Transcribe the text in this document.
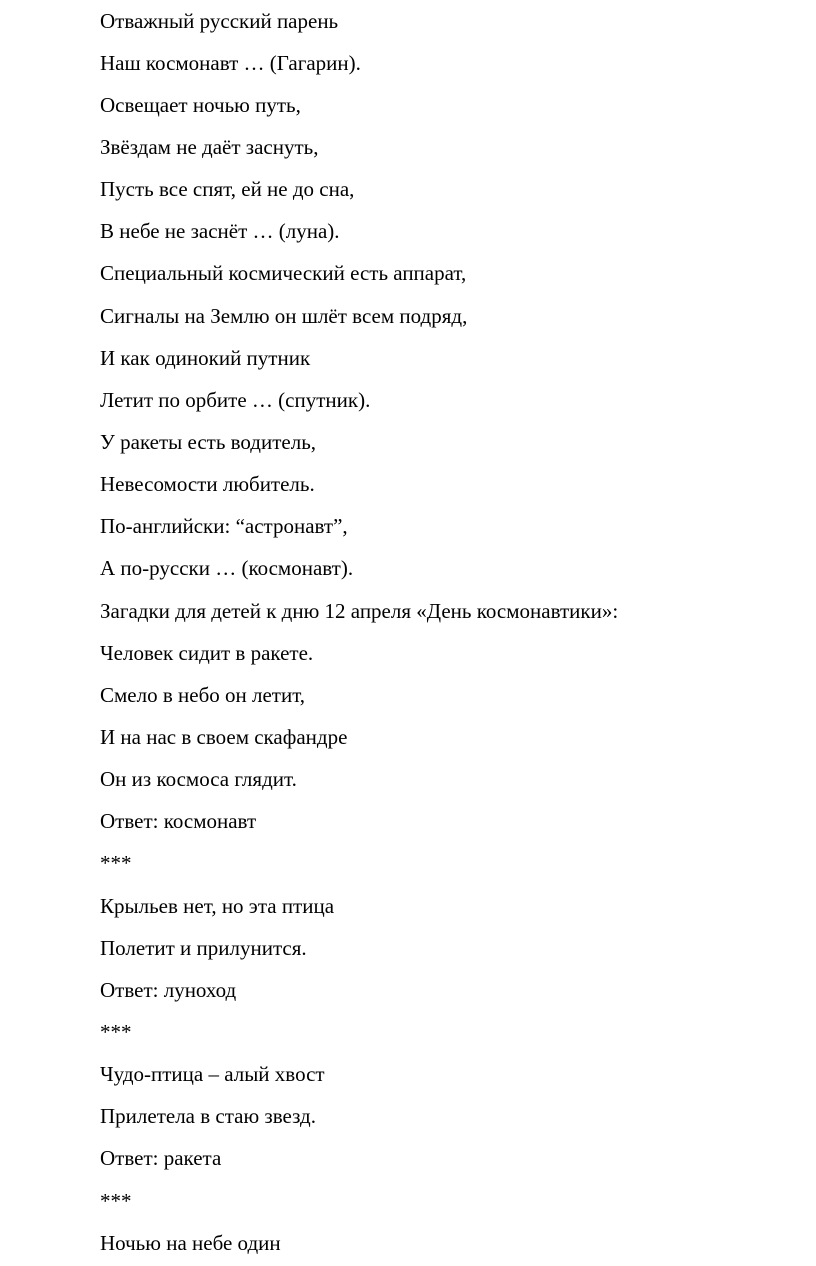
Отважный русский парень
Наш космонавт … (Гагарин).
Освещает ночью путь,
Звёздам не даёт заснуть,
Пусть все спят, ей не до сна,
В небе не заснёт … (луна).
Специальный космический есть аппарат,
Сигналы на Землю он шлёт всем подряд,
И как одинокий путник
Летит по орбите … (спутник).
У ракеты есть водитель,
Невесомости любитель.
По-английски: “астронавт”,
А по-русски … (космонавт).
Загадки для детей к дню 12 апреля «День космонавтики»:
Человек сидит в ракете.
Смело в небо он летит,
И на нас в своем скафандре
Он из космоса глядит.
Ответ: космонавт
***
Крыльев нет, но эта птица
Полетит и прилунится.
Ответ: луноход
***
Чудо-птица – алый хвост
Прилетела в стаю звезд.
Ответ: ракета
***
Ночью на небе один
